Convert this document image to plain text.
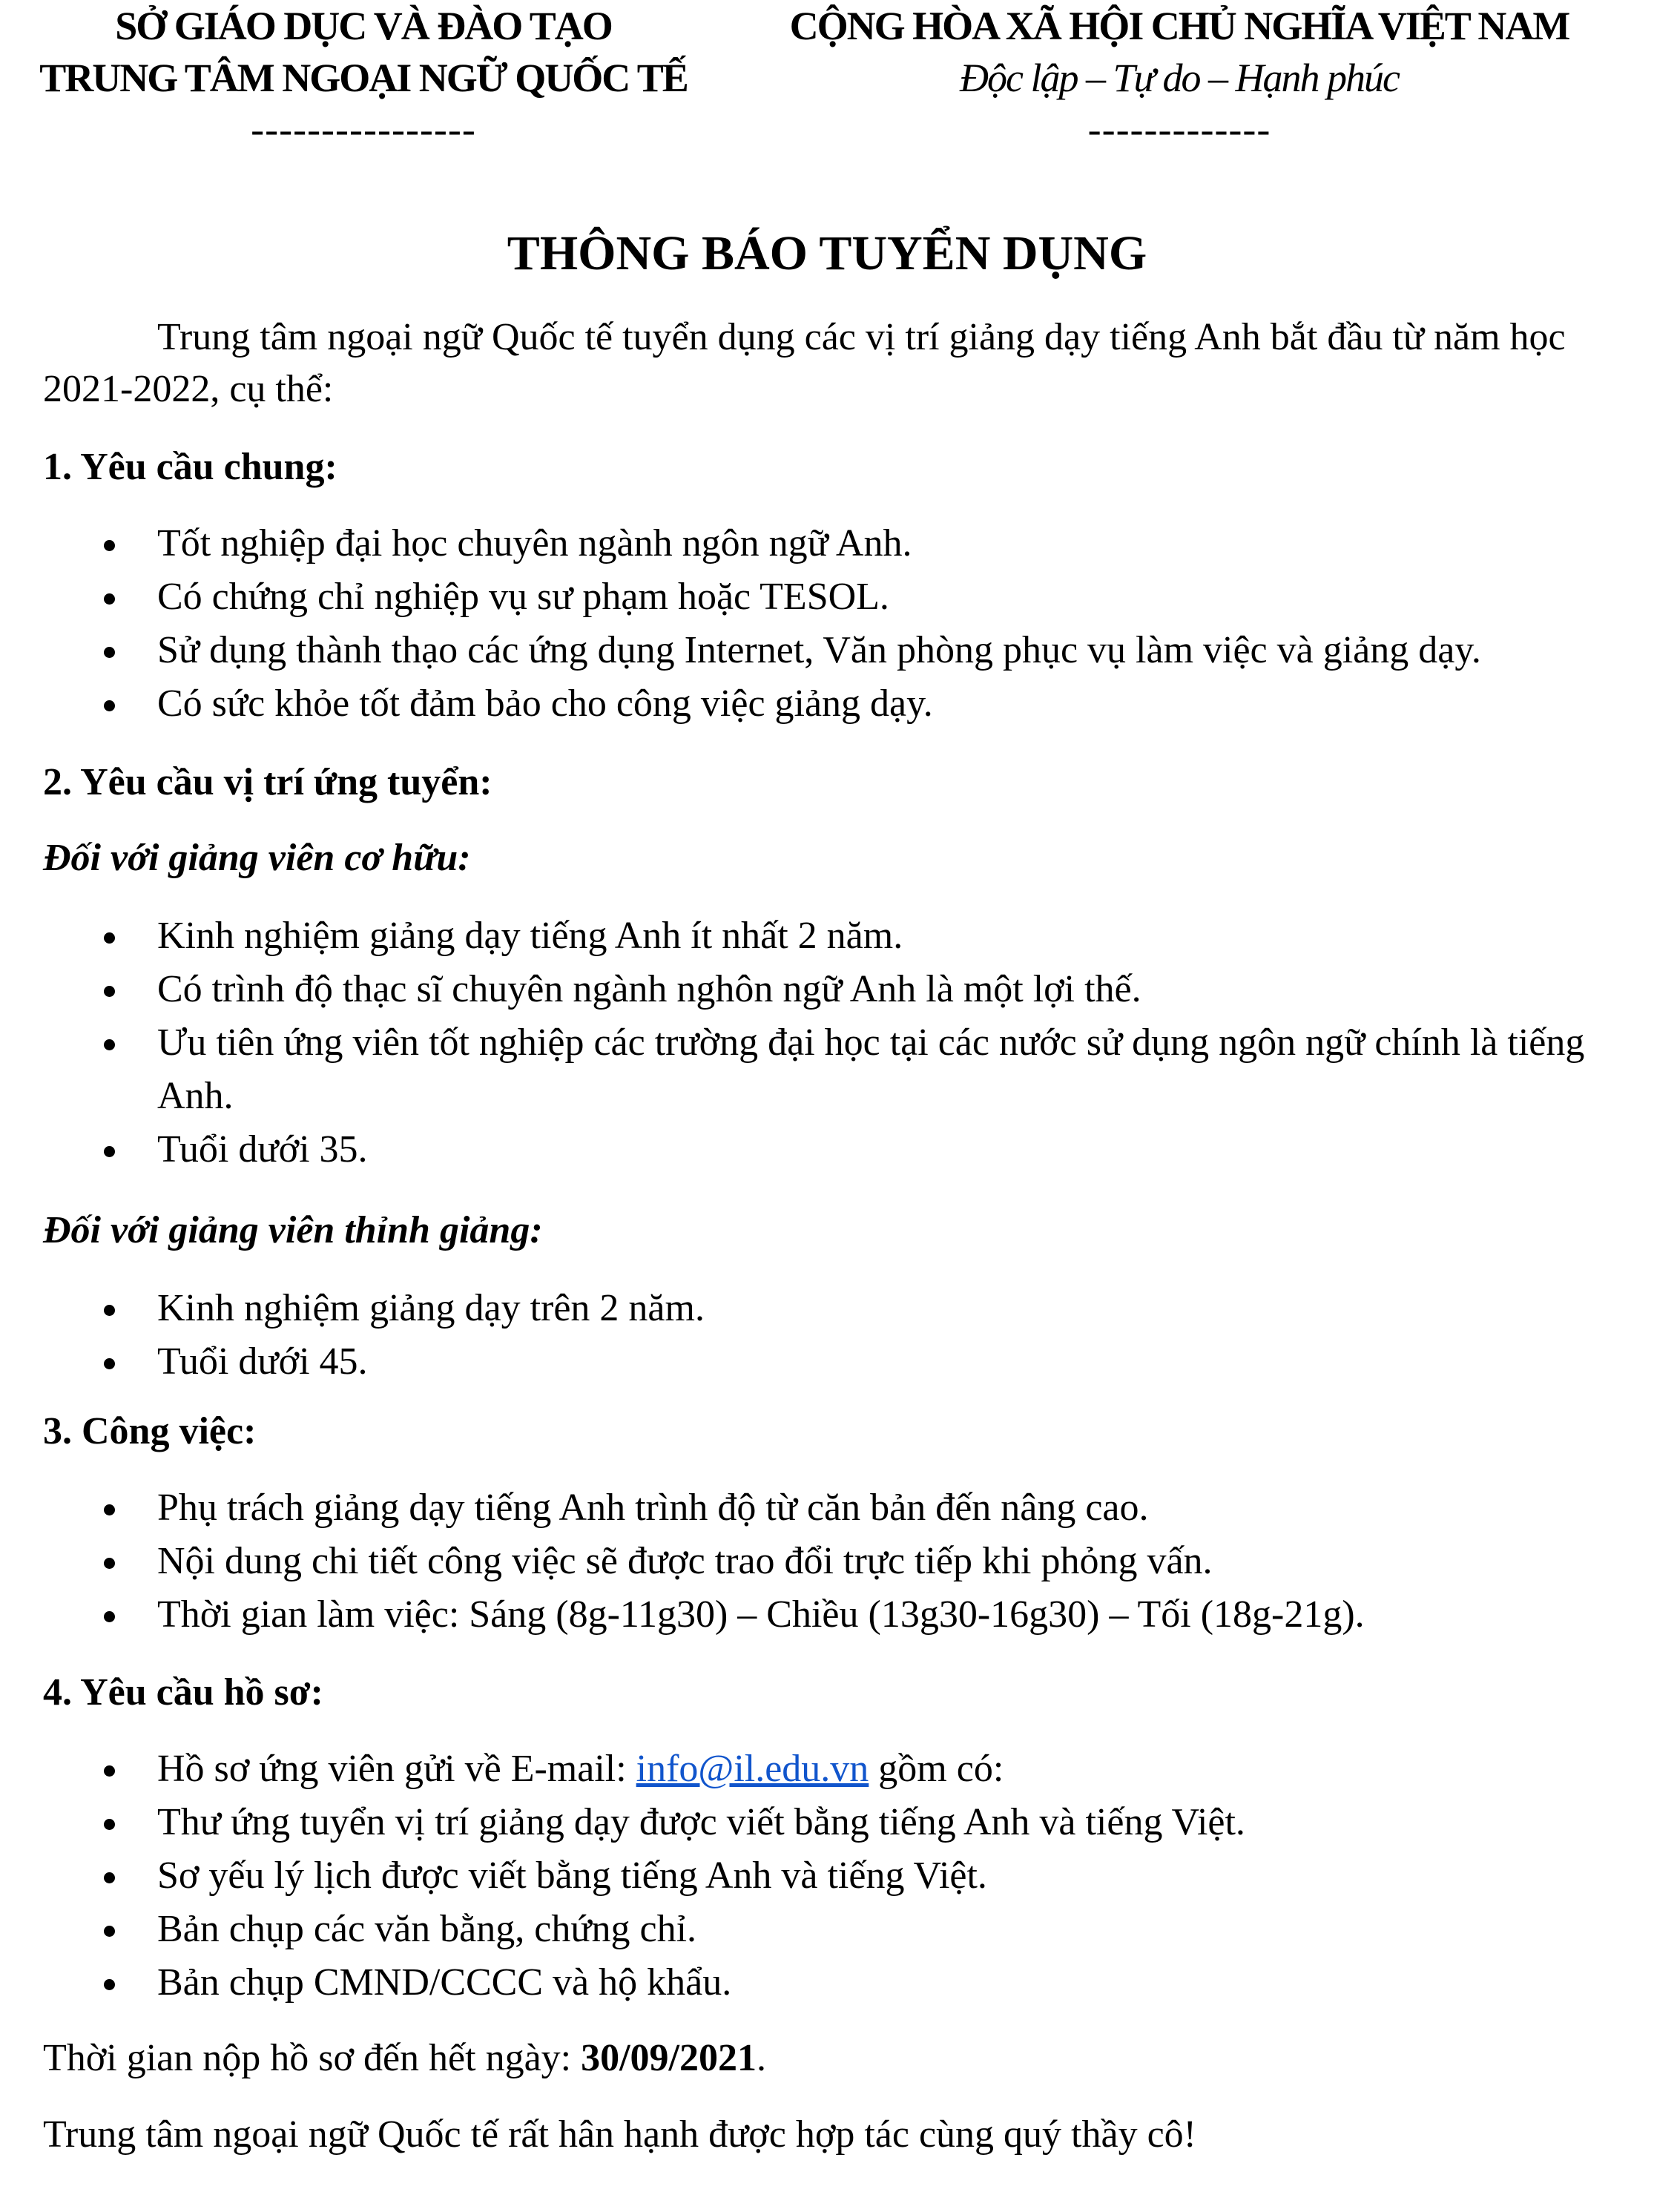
SỞ GIÁO DỤC VÀ ĐÀO TẠO
TRUNG TÂM NGOẠI NGỮ QUỐC TẾ
----------------
CỘNG HÒA XÃ HỘI CHỦ NGHĨA VIỆT NAM
Độc lập – Tự do – Hạnh phúc
-------------
THÔNG BÁO TUYỂN DỤNG
Trung tâm ngoại ngữ Quốc tế tuyển dụng các vị trí giảng dạy tiếng Anh bắt đầu từ năm học 2021-2022, cụ thể:
1. Yêu cầu chung:
Tốt nghiệp đại học chuyên ngành ngôn ngữ Anh.
Có chứng chỉ nghiệp vụ sư phạm hoặc TESOL.
Sử dụng thành thạo các ứng dụng Internet, Văn phòng phục vụ làm việc và giảng dạy.
Có sức khỏe tốt đảm bảo cho công việc giảng dạy.
2. Yêu cầu vị trí ứng tuyển:
Đối với giảng viên cơ hữu:
Kinh nghiệm giảng dạy tiếng Anh ít nhất 2 năm.
Có trình độ thạc sĩ chuyên ngành nghôn ngữ Anh là một lợi thế.
Ưu tiên ứng viên tốt nghiệp các trường đại học tại các nước sử dụng ngôn ngữ chính là tiếng Anh.
Tuổi dưới 35.
Đối với giảng viên thỉnh giảng:
Kinh nghiệm giảng dạy trên 2 năm.
Tuổi dưới 45.
3. Công việc:
Phụ trách giảng dạy tiếng Anh trình độ từ căn bản đến nâng cao.
Nội dung chi tiết công việc sẽ được trao đổi trực tiếp khi phỏng vấn.
Thời gian làm việc: Sáng (8g-11g30) – Chiều (13g30-16g30) – Tối (18g-21g).
4. Yêu cầu hồ sơ:
Hồ sơ ứng viên gửi về E-mail: info@il.edu.vn gồm có:
Thư ứng tuyển vị trí giảng dạy được viết bằng tiếng Anh và tiếng Việt.
Sơ yếu lý lịch được viết bằng tiếng Anh và tiếng Việt.
Bản chụp các văn bằng, chứng chỉ.
Bản chụp CMND/CCCC và hộ khẩu.
Thời gian nộp hồ sơ đến hết ngày: 30/09/2021.
Trung tâm ngoại ngữ Quốc tế rất hân hạnh được hợp tác cùng quý thầy cô!
